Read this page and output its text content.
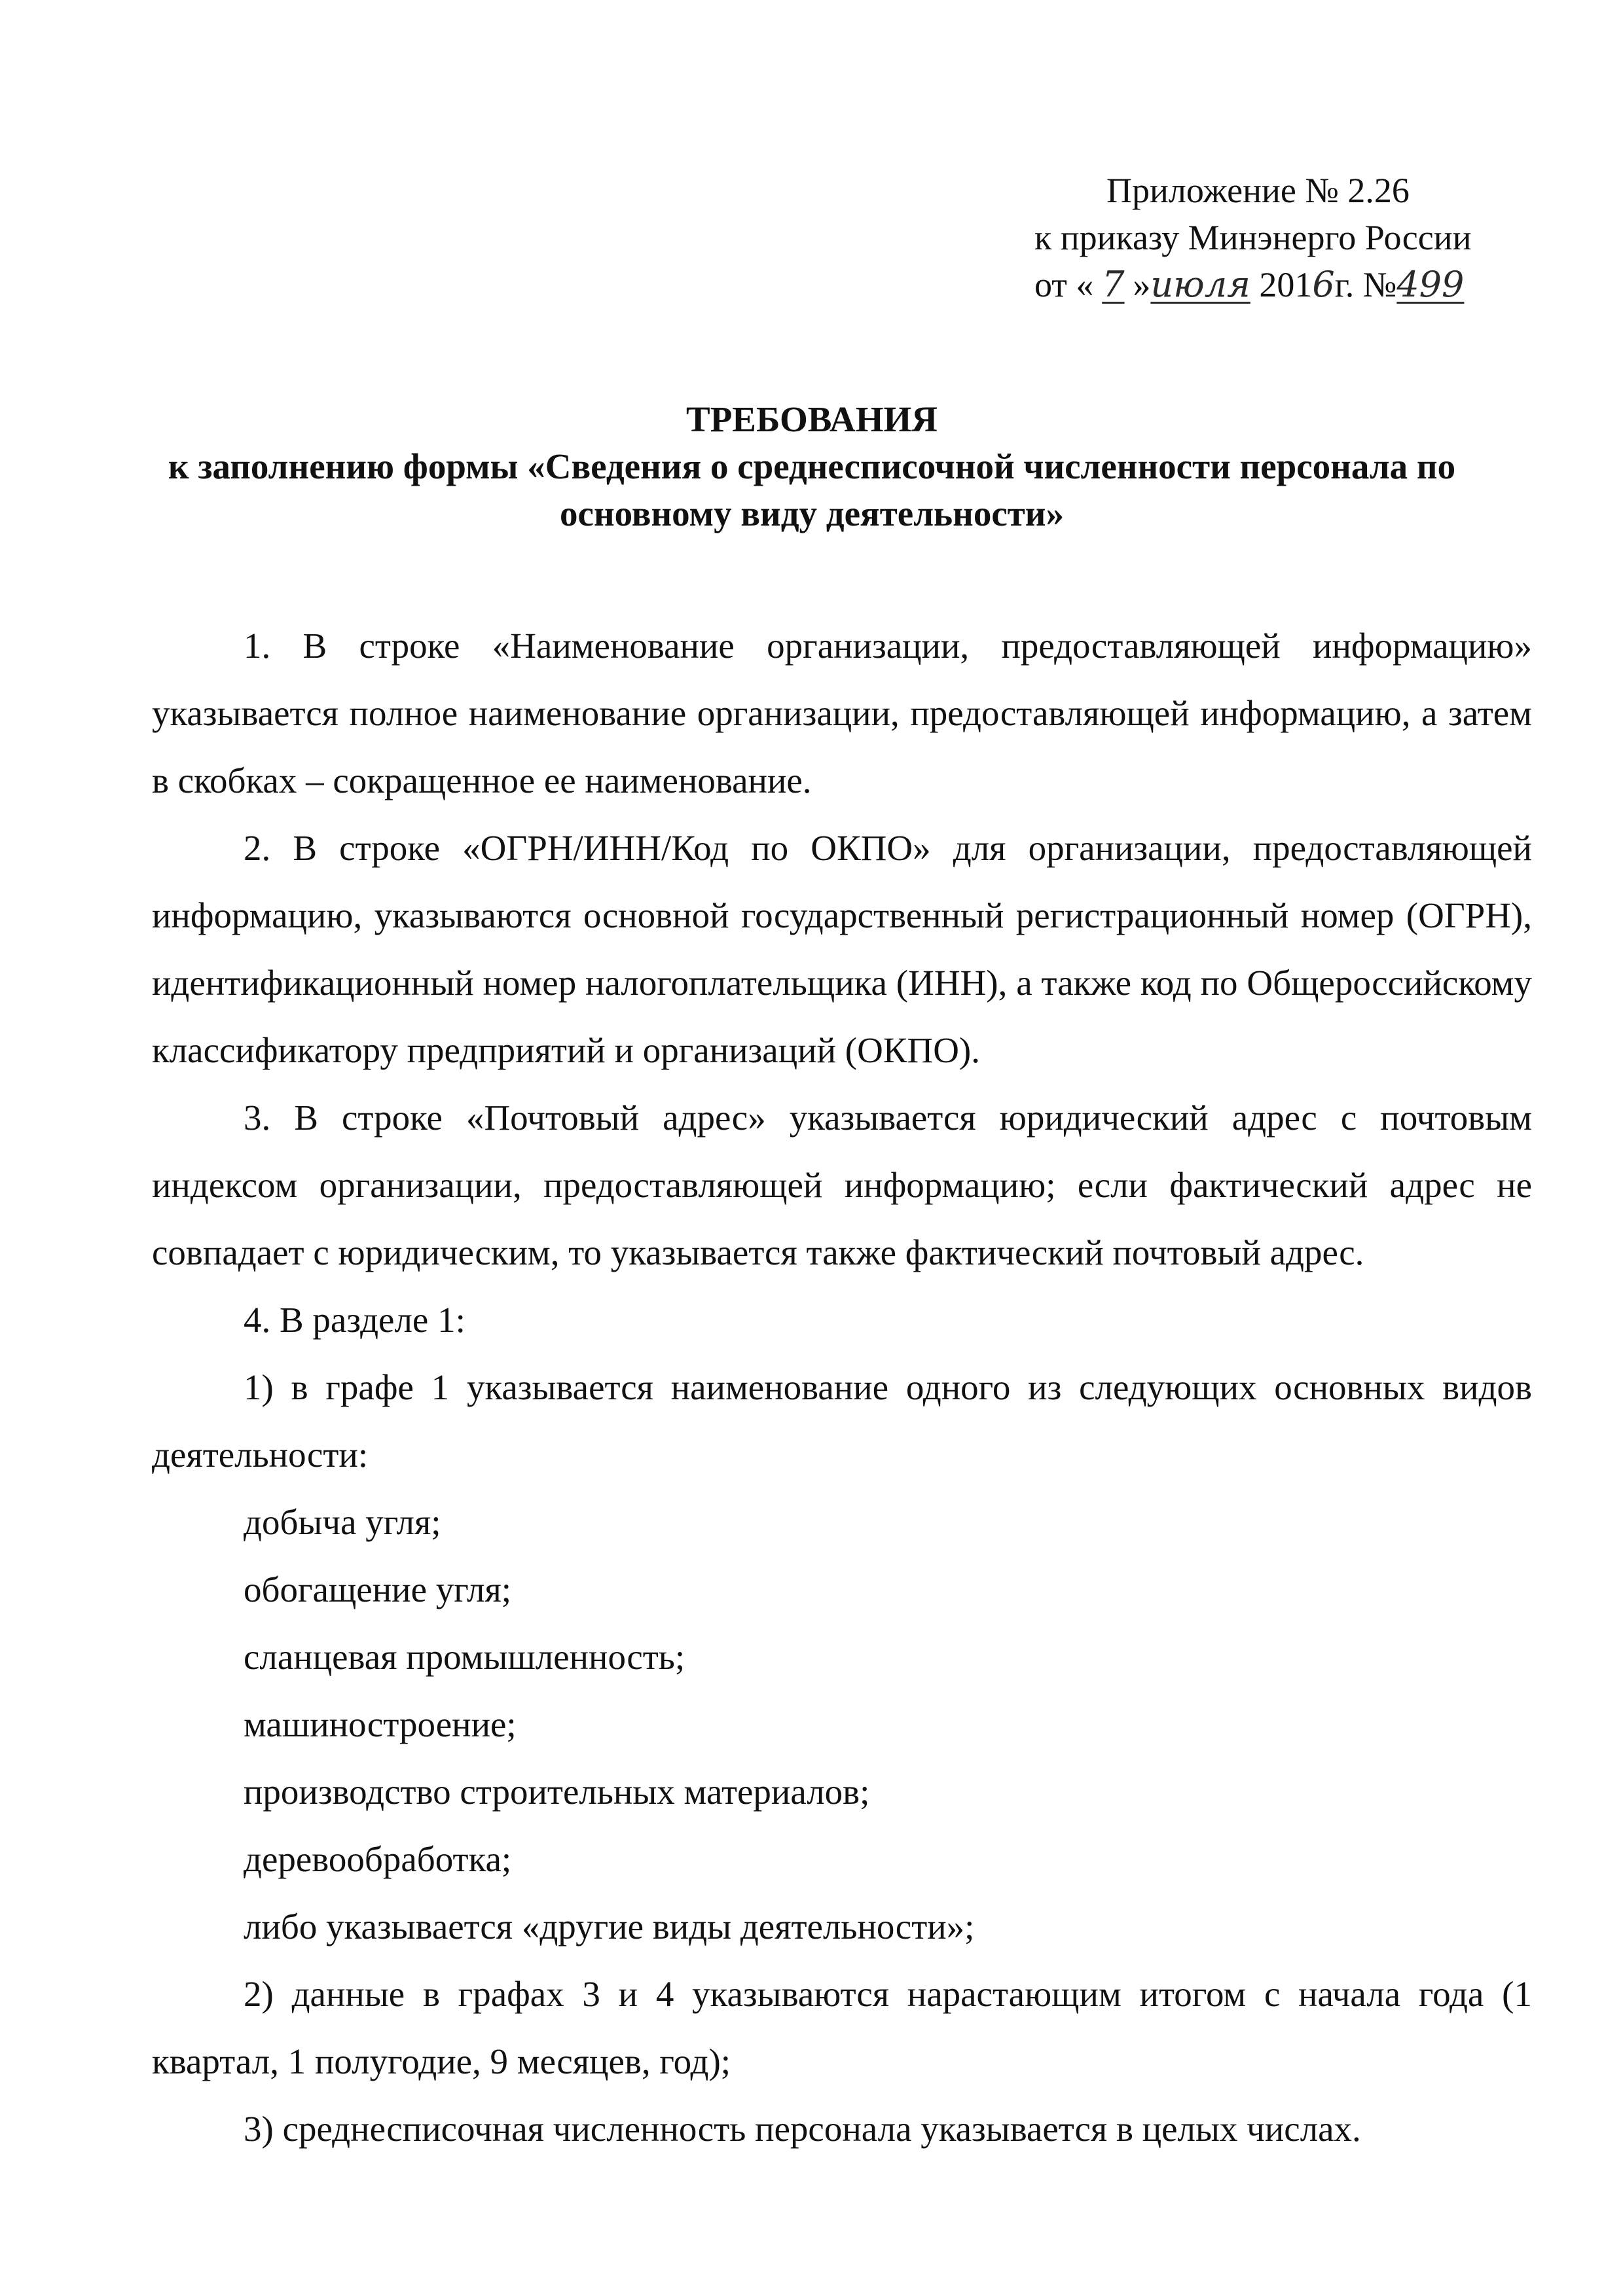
Приложение № 2.26
к приказу Минэнерго России
от « 7 »июля 2016г. №499
ТРЕБОВАНИЯ
к заполнению формы «Сведения о среднесписочной численности персонала по основному виду деятельности»

1. В строке «Наименование организации, предоставляющей информацию» указывается полное наименование организации, предоставляющей информацию, а затем в скобках – сокращенное ее наименование.

2. В строке «ОГРН/ИНН/Код по ОКПО» для организации, предоставляющей информацию, указываются основной государственный регистрационный номер (ОГРН), идентификационный номер налогоплательщика (ИНН), а также код по Общероссийскому классификатору предприятий и организаций (ОКПО).

3. В строке «Почтовый адрес» указывается юридический адрес с почтовым индексом организации, предоставляющей информацию; если фактический адрес не совпадает с юридическим, то указывается также фактический почтовый адрес.

4. В разделе 1:

1) в графе 1 указывается наименование одного из следующих основных видов деятельности:

добыча угля;

обогащение угля;

сланцевая промышленность;

машиностроение;

производство строительных материалов;

деревообработка;

либо указывается «другие виды деятельности»;

2) данные в графах 3 и 4 указываются нарастающим итогом с начала года (1 квартал, 1 полугодие, 9 месяцев, год);

3) среднесписочная численность персонала указывается в целых числах.
